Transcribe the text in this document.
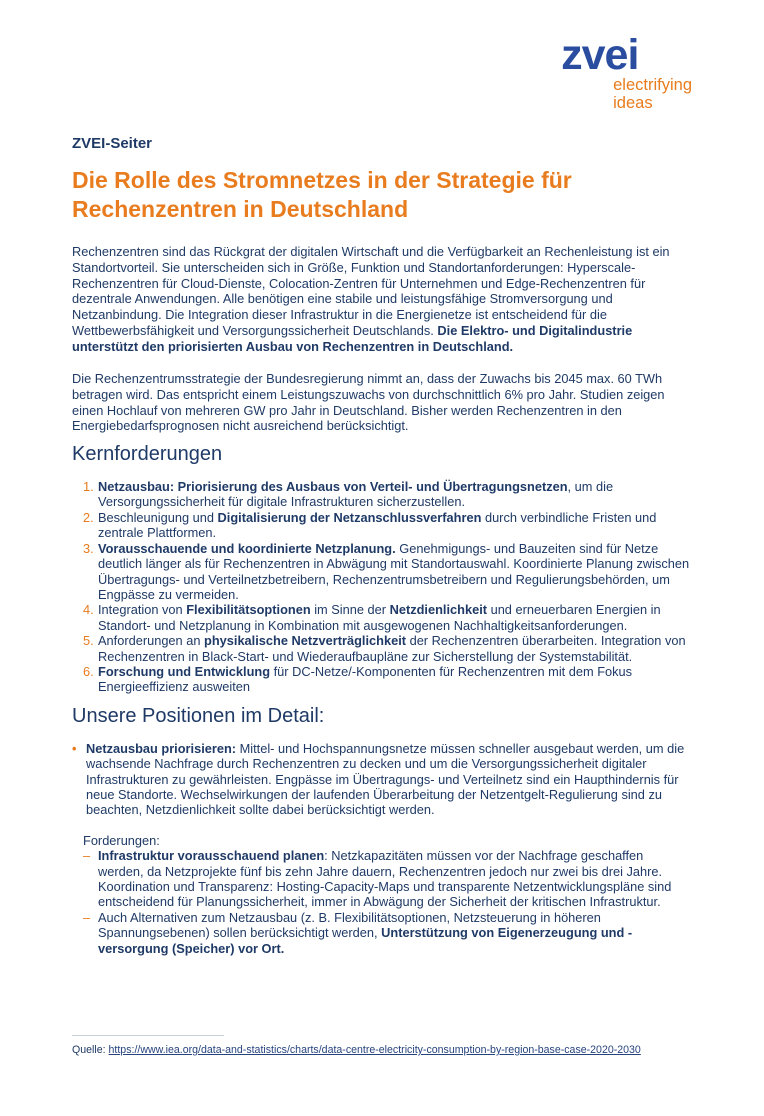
zvei
electrifying
ideas
ZVEI-Seiter
Die Rolle des Stromnetzes in der Strategie für Rechenzentren in Deutschland

Rechenzentren sind das Rückgrat der digitalen Wirtschaft und die Verfügbarkeit an Rechenleistung ist ein Standortvorteil. Sie unterscheiden sich in Größe, Funktion und Standortanforderungen: Hyperscale-Rechenzentren für Cloud-Dienste, Colocation-Zentren für Unternehmen und Edge-Rechenzentren für dezentrale Anwendungen. Alle benötigen eine stabile und leistungsfähige Stromversorgung und Netzanbindung. Die Integration dieser Infrastruktur in die Energienetze ist entscheidend für die Wettbewerbsfähigkeit und Versorgungssicherheit Deutschlands. Die Elektro- und Digitalindustrie unterstützt den priorisierten Ausbau von Rechenzentren in Deutschland.

Die Rechenzentrumsstrategie der Bundesregierung nimmt an, dass der Zuwachs bis 2045 max. 60 TWh betragen wird. Das entspricht einem Leistungszuwachs von durchschnittlich 6% pro Jahr. Studien zeigen einen Hochlauf von mehreren GW pro Jahr in Deutschland. Bisher werden Rechenzentren in den Energiebedarfsprognosen nicht ausreichend berücksichtigt.

Kernforderungen
1. Netzausbau: Priorisierung des Ausbaus von Verteil- und Übertragungsnetzen, um die Versorgungssicherheit für digitale Infrastrukturen sicherzustellen.
2. Beschleunigung und Digitalisierung der Netzanschlussverfahren durch verbindliche Fristen und zentrale Plattformen.
3. Vorausschauende und koordinierte Netzplanung. Genehmigungs- und Bauzeiten sind für Netze deutlich länger als für Rechenzentren in Abwägung mit Standortauswahl. Koordinierte Planung zwischen Übertragungs- und Verteilnetzbetreibern, Rechenzentrumsbetreibern und Regulierungsbehörden, um Engpässe zu vermeiden.
4. Integration von Flexibilitätsoptionen im Sinne der Netzdienlichkeit und erneuerbaren Energien in Standort- und Netzplanung in Kombination mit ausgewogenen Nachhaltigkeitsanforderungen.
5. Anforderungen an physikalische Netzverträglichkeit der Rechenzentren überarbeiten. Integration von Rechenzentren in Black-Start- und Wiederaufbaupläne zur Sicherstellung der Systemstabilität.
6. Forschung und Entwicklung für DC-Netze/-Komponenten für Rechenzentren mit dem Fokus Energieeffizienz ausweiten
Unsere Positionen im Detail:
• Netzausbau priorisieren: Mittel- und Hochspannungsnetze müssen schneller ausgebaut werden, um die wachsende Nachfrage durch Rechenzentren zu decken und um die Versorgungssicherheit digitaler Infrastrukturen zu gewährleisten. Engpässe im Übertragungs- und Verteilnetz sind ein Haupthindernis für neue Standorte. Wechselwirkungen der laufenden Überarbeitung der Netzentgelt-Regulierung sind zu beachten, Netzdienlichkeit sollte dabei berücksichtigt werden.
Forderungen:
– Infrastruktur vorausschauend planen: Netzkapazitäten müssen vor der Nachfrage geschaffen werden, da Netzprojekte fünf bis zehn Jahre dauern, Rechenzentren jedoch nur zwei bis drei Jahre. Koordination und Transparenz: Hosting-Capacity-Maps und transparente Netzentwicklungspläne sind entscheidend für Planungssicherheit, immer in Abwägung der Sicherheit der kritischen Infrastruktur.
– Auch Alternativen zum Netzausbau (z. B. Flexibilitätsoptionen, Netzsteuerung in höheren Spannungsebenen) sollen berücksichtigt werden, Unterstützung von Eigenerzeugung und -versorgung (Speicher) vor Ort.
Quelle: https://www.iea.org/data-and-statistics/charts/data-centre-electricity-consumption-by-region-base-case-2020-2030
